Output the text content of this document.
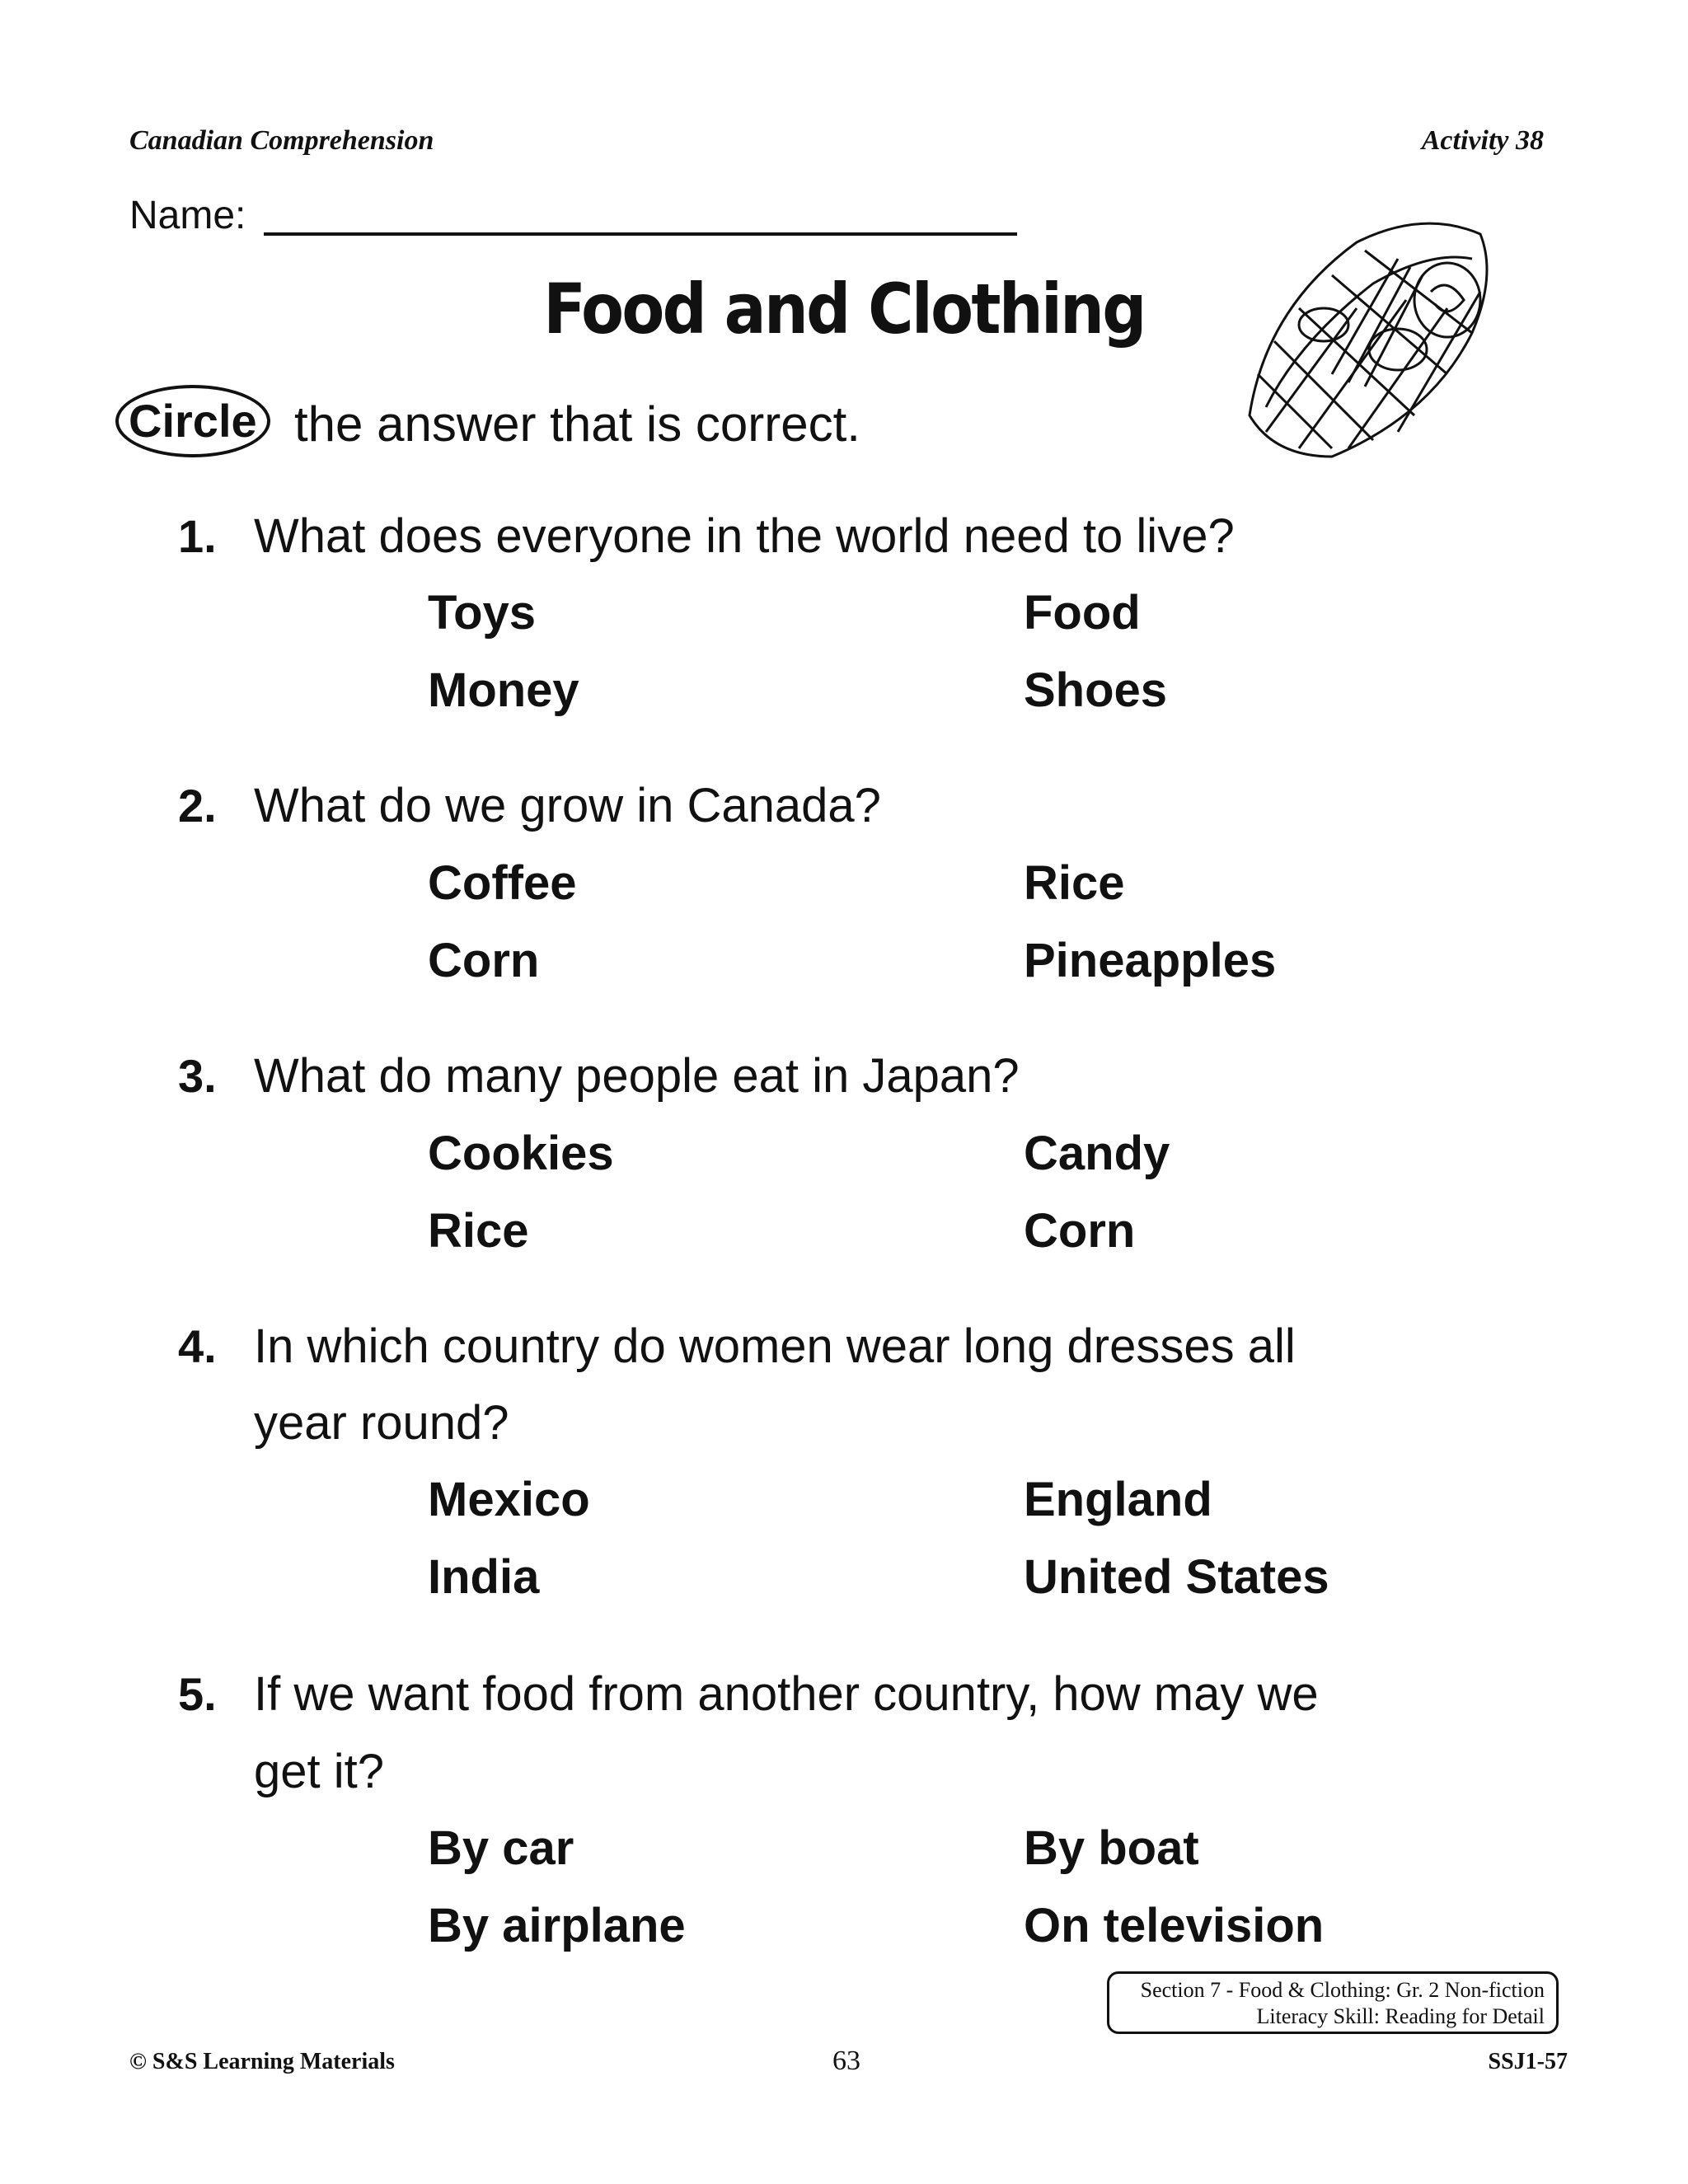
Canadian Comprehension	Activity 38
Name:
Food and Clothing
Circle the answer that is correct.
1. What does everyone in the world need to live?
Toys	Food
Money	Shoes
2. What do we grow in Canada?
Coffee	Rice
Corn	Pineapples
3. What do many people eat in Japan?
Cookies	Candy
Rice	Corn
4. In which country do women wear long dresses all
year round?
Mexico	England
India	United States
5. If we want food from another country, how may we
get it?
By car	By boat
By airplane	On television
Section 7 - Food & Clothing: Gr. 2 Non-fiction
Literacy Skill: Reading for Detail
© S&S Learning Materials	63	SSJ1-57
